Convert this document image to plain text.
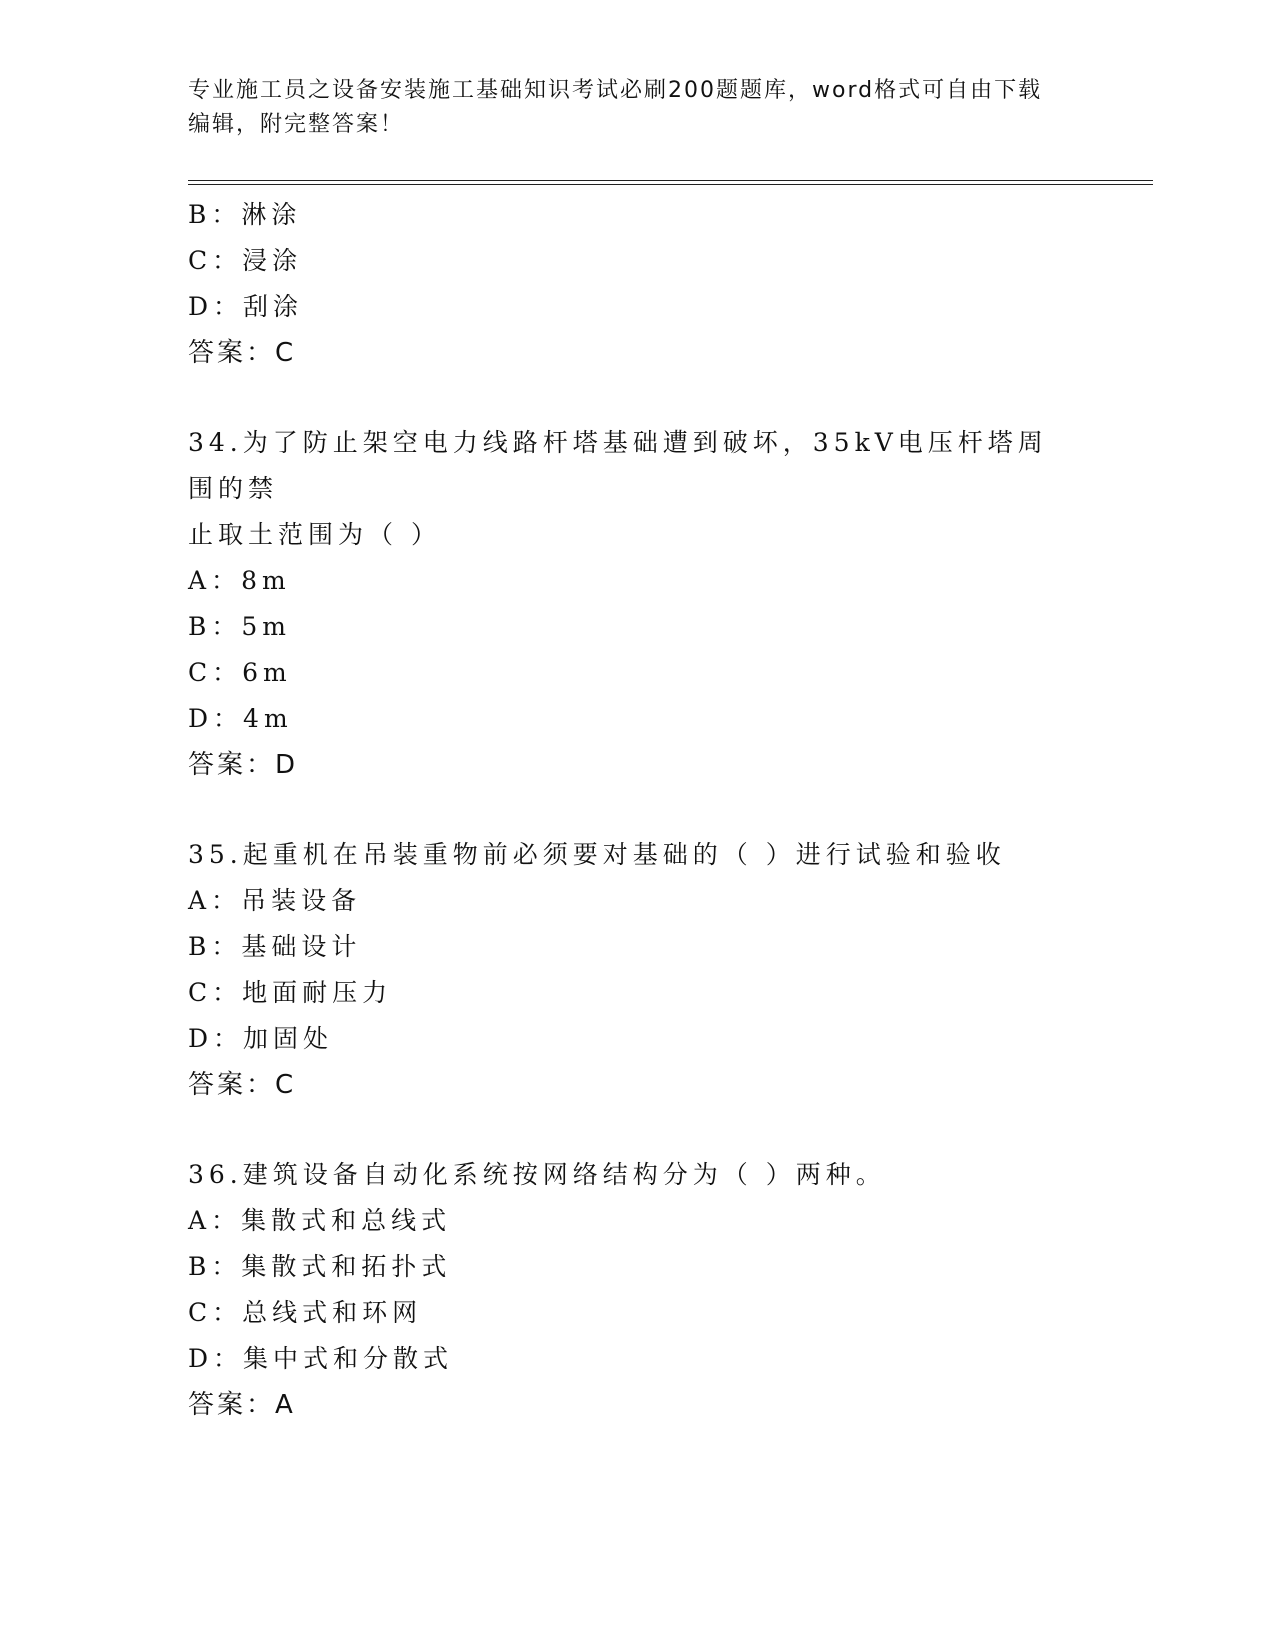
专业施工员之设备安装施工基础知识考试必刷200题题库，word格式可自由下载
编辑，附完整答案！
B：淋涂
C：浸涂
D：刮涂
答案：C
34.为了防止架空电力线路杆塔基础遭到破坏，35kV电压杆塔周围的禁
止取土范围为（ ）
A：8m
B：5m
C：6m
D：4m
答案：D
35.起重机在吊装重物前必须要对基础的（ ）进行试验和验收
A：吊装设备
B：基础设计
C：地面耐压力
D：加固处
答案：C
36.建筑设备自动化系统按网络结构分为（ ）两种。
A：集散式和总线式
B：集散式和拓扑式
C：总线式和环网
D：集中式和分散式
答案：A
